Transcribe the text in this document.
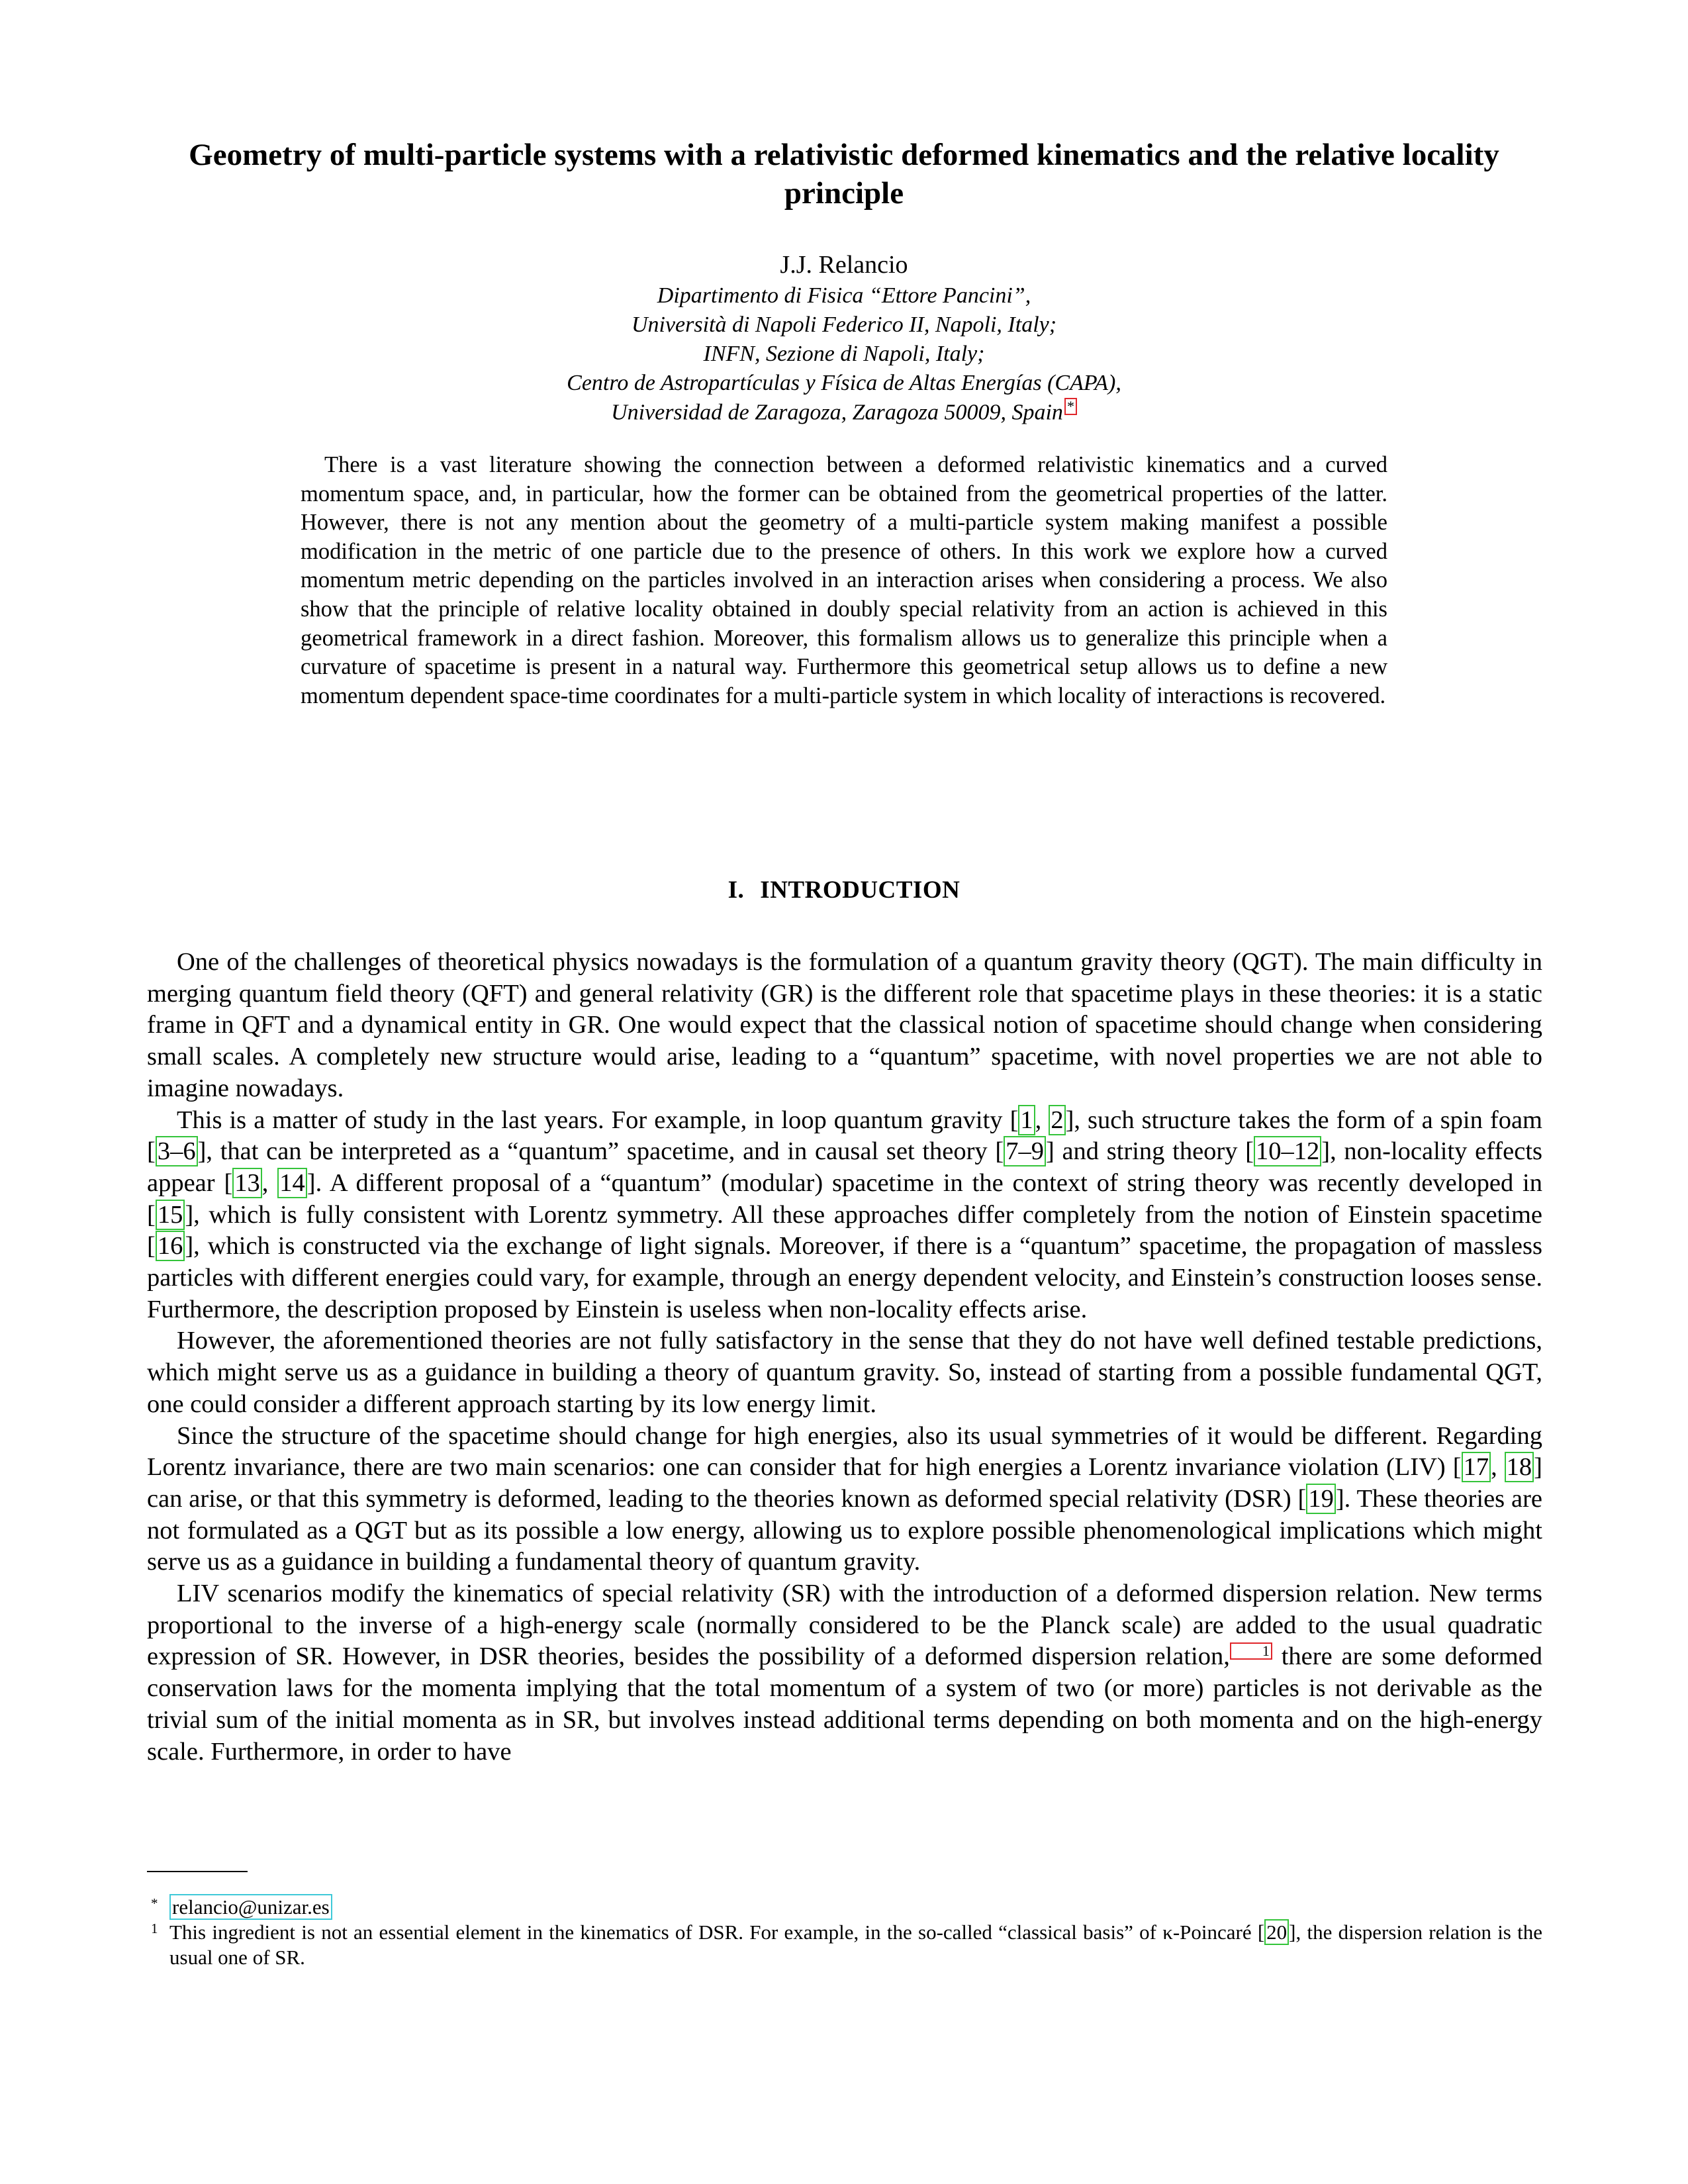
Geometry of multi-particle systems with a relativistic deformed kinematics and the relative locality principle
J.J. Relancio
Dipartimento di Fisica “Ettore Pancini”,
Università di Napoli Federico II, Napoli, Italy;
INFN, Sezione di Napoli, Italy;
Centro de Astropartículas y Física de Altas Energías (CAPA),
Universidad de Zaragoza, Zaragoza 50009, Spain *
There is a vast literature showing the connection between a deformed relativistic kinematics and a curved momentum space, and, in particular, how the former can be obtained from the geometrical properties of the latter. However, there is not any mention about the geometry of a multi-particle system making manifest a possible modification in the metric of one particle due to the presence of others. In this work we explore how a curved momentum metric depending on the particles involved in an interaction arises when considering a process. We also show that the principle of relative locality obtained in doubly special relativity from an action is achieved in this geometrical framework in a direct fashion. Moreover, this formalism allows us to generalize this principle when a curvature of spacetime is present in a natural way. Furthermore this geometrical setup allows us to define a new momentum dependent space-time coordinates for a multi-particle system in which locality of interactions is recovered.
I. INTRODUCTION

One of the challenges of theoretical physics nowadays is the formulation of a quantum gravity theory (QGT). The main difficulty in merging quantum field theory (QFT) and general relativity (GR) is the different role that spacetime plays in these theories: it is a static frame in QFT and a dynamical entity in GR. One would expect that the classical notion of spacetime should change when considering small scales. A completely new structure would arise, leading to a “quantum” spacetime, with novel properties we are not able to imagine nowadays.

This is a matter of study in the last years. For example, in loop quantum gravity [1, 2], such structure takes the form of a spin foam [3–6], that can be interpreted as a “quantum” spacetime, and in causal set theory [7–9] and string theory [10–12], non-locality effects appear [13, 14]. A different proposal of a “quantum” (modular) spacetime in the context of string theory was recently developed in [15], which is fully consistent with Lorentz symmetry. All these approaches differ completely from the notion of Einstein spacetime [16], which is constructed via the exchange of light signals. Moreover, if there is a “quantum” spacetime, the propagation of massless particles with different energies could vary, for example, through an energy dependent velocity, and Einstein’s construction looses sense. Furthermore, the description proposed by Einstein is useless when non-locality effects arise.

However, the aforementioned theories are not fully satisfactory in the sense that they do not have well defined testable predictions, which might serve us as a guidance in building a theory of quantum gravity. So, instead of starting from a possible fundamental QGT, one could consider a different approach starting by its low energy limit.

Since the structure of the spacetime should change for high energies, also its usual symmetries of it would be different. Regarding Lorentz invariance, there are two main scenarios: one can consider that for high energies a Lorentz invariance violation (LIV) [17, 18] can arise, or that this symmetry is deformed, leading to the theories known as deformed special relativity (DSR) [19]. These theories are not formulated as a QGT but as its possible a low energy, allowing us to explore possible phenomenological implications which might serve us as a guidance in building a fundamental theory of quantum gravity.

LIV scenarios modify the kinematics of special relativity (SR) with the introduction of a deformed dispersion relation. New terms proportional to the inverse of a high-energy scale (normally considered to be the Planck scale) are added to the usual quadratic expression of SR. However, in DSR theories, besides the possibility of a deformed dispersion relation, 1 there are some deformed conservation laws for the momenta implying that the total momentum of a system of two (or more) particles is not derivable as the trivial sum of the initial momenta as in SR, but involves instead additional terms depending on both momenta and on the high-energy scale. Furthermore, in order to have

* relancio@unizar.es
1 This ingredient is not an essential element in the kinematics of DSR. For example, in the so-called “classical basis” of κ-Poincaré [20], the dispersion relation is the usual one of SR.
